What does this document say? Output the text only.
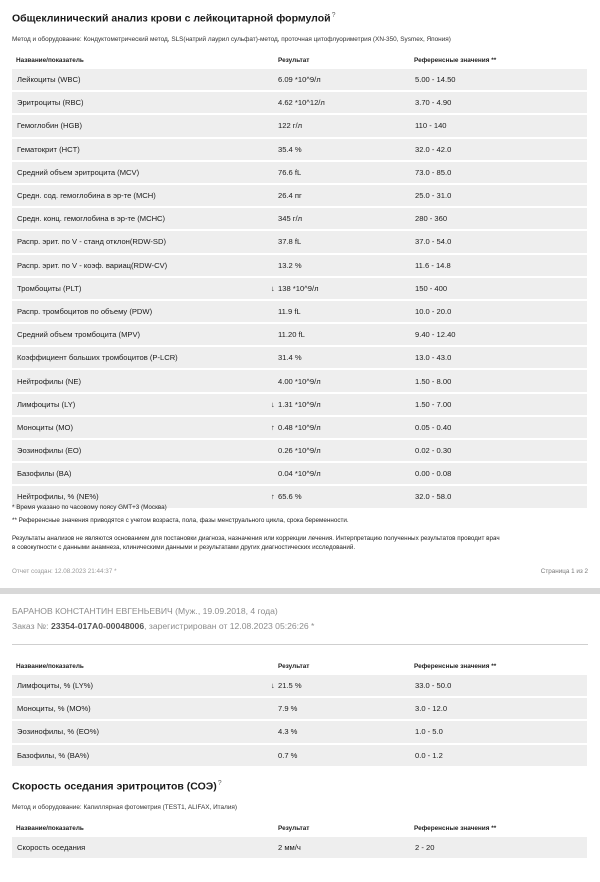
Общеклинический анализ крови с лейкоцитарной формулой?
Метод и оборудование: Кондуктометрический метод, SLS(натрий лаурил сульфат)-метод, проточная цитофлуориметрия (XN-350, Sysmex, Япония)
Название/показатель	Результат	Референсные значения **
Лейкоциты (WBC)	6.09 *10^9/л	5.00 - 14.50
Эритроциты (RBC)	4.62 *10^12/л	3.70 - 4.90
Гемоглобин (HGB)	122 г/л	110 - 140
Гематокрит (HCT)	35.4 %	32.0 - 42.0
Средний объем эритроцита (MCV)	76.6 fL	73.0 - 85.0
Средн. сод. гемоглобина в эр-те (MCH)	26.4 пг	25.0 - 31.0
Средн. конц. гемоглобина в эр-те (MCHC)	345 г/л	280 - 360
Распр. эрит. по V - станд отклон(RDW-SD)	37.8 fL	37.0 - 54.0
Распр. эрит. по V - коэф. вариац(RDW-CV)	13.2 %	11.6 - 14.8
Тромбоциты (PLT)	↓ 138 *10^9/л	150 - 400
Распр. тромбоцитов по объему (PDW)	11.9 fL	10.0 - 20.0
Средний объем тромбоцита (MPV)	11.20 fL	9.40 - 12.40
Коэффициент больших тромбоцитов (P-LCR)	31.4 %	13.0 - 43.0
Нейтрофилы (NE)	4.00 *10^9/л	1.50 - 8.00
Лимфоциты (LY)	↓ 1.31 *10^9/л	1.50 - 7.00
Моноциты (MO)	↑ 0.48 *10^9/л	0.05 - 0.40
Эозинофилы (EO)	0.26 *10^9/л	0.02 - 0.30
Базофилы (BA)	0.04 *10^9/л	0.00 - 0.08
Нейтрофилы, % (NE%)	↑ 65.6 %	32.0 - 58.0
* Время указано по часовому поясу GMT+3 (Москва)
** Референсные значения приводятся с учетом возраста, пола, фазы менструального цикла, срока беременности.
Результаты анализов не являются основанием для постановки диагноза, назначения или коррекции лечения. Интерпретацию полученных результатов проводит врач
в совокупности с данными анамнеза, клиническими данными и результатами других диагностических исследований.
Отчет создан: 12.08.2023 21:44:37 *	Страница 1 из 2
БАРАНОВ КОНСТАНТИН ЕВГЕНЬЕВИЧ (Муж., 19.09.2018, 4 года)
Заказ №: 23354-017A0-00048006, зарегистрирован от 12.08.2023 05:26:26 *
Название/показатель	Результат	Референсные значения **
Лимфоциты, % (LY%)	↓ 21.5 %	33.0 - 50.0
Моноциты, % (MO%)	7.9 %	3.0 - 12.0
Эозинофилы, % (EO%)	4.3 %	1.0 - 5.0
Базофилы, % (BA%)	0.7 %	0.0 - 1.2
Скорость оседания эритроцитов (СОЭ)?
Метод и оборудование: Капиллярная фотометрия (TEST1, ALIFAX, Италия)
Название/показатель	Результат	Референсные значения **
Скорость оседания	2 мм/ч	2 - 20
